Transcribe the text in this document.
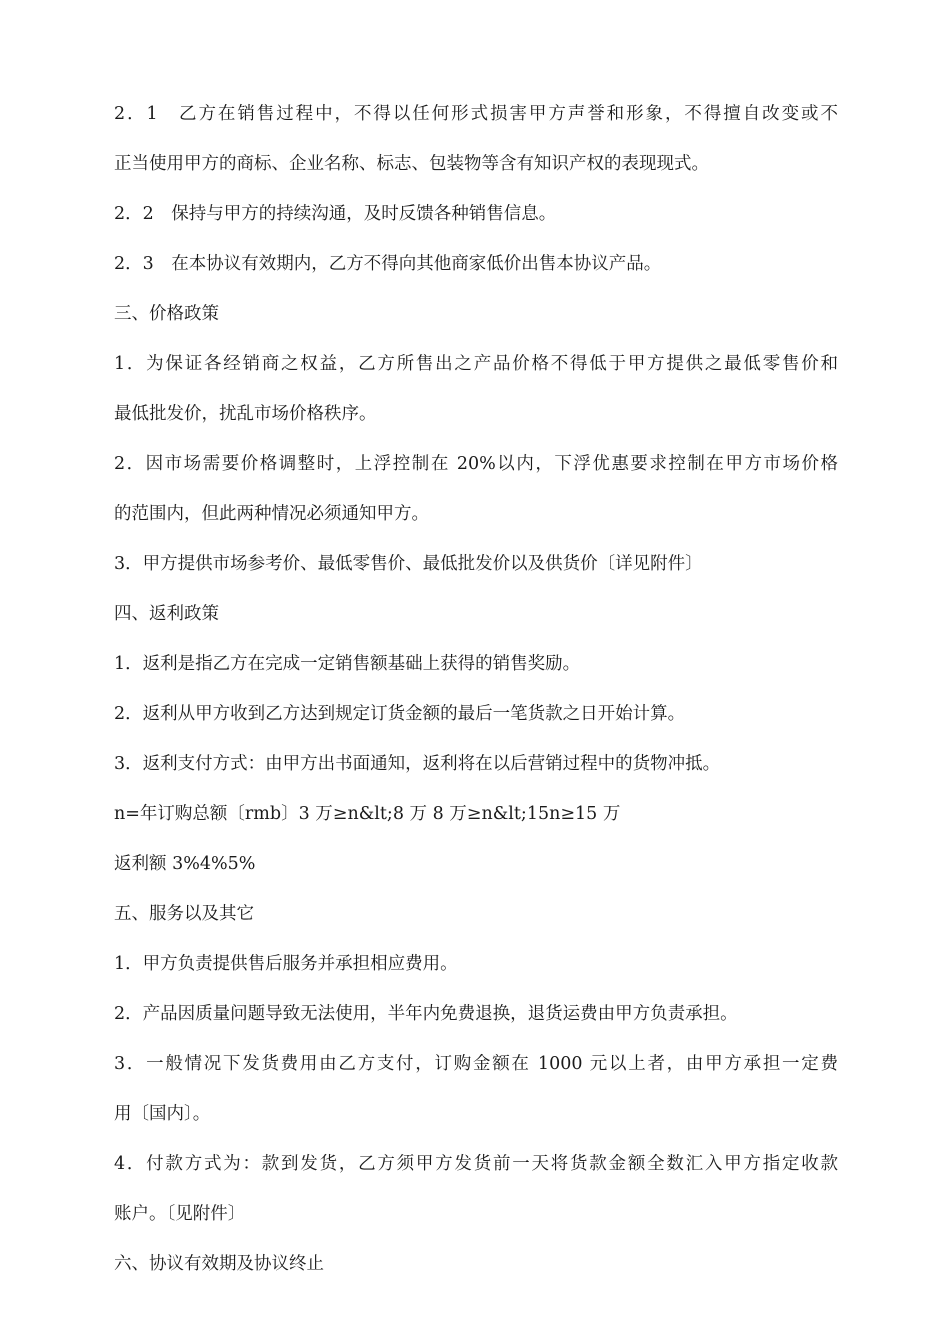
2．1　乙方在销售过程中，不得以任何形式损害甲方声誉和形象，不得擅自改变或不
正当使用甲方的商标、企业名称、标志、包装物等含有知识产权的表现现式。
2．2　保持与甲方的持续沟通，及时反馈各种销售信息。
2．3　在本协议有效期内，乙方不得向其他商家低价出售本协议产品。
三、价格政策
1．为保证各经销商之权益，乙方所售出之产品价格不得低于甲方提供之最低零售价和
最低批发价，扰乱市场价格秩序。
2．因市场需要价格调整时，上浮控制在 20%以内，下浮优惠要求控制在甲方市场价格
的范围内，但此两种情况必须通知甲方。
3．甲方提供市场参考价、最低零售价、最低批发价以及供货价〔详见附件〕
四、返利政策
1．返利是指乙方在完成一定销售额基础上获得的销售奖励。
2．返利从甲方收到乙方达到规定订货金额的最后一笔货款之日开始计算。
3．返利支付方式：由甲方出书面通知，返利将在以后营销过程中的货物冲抵。
n=年订购总额〔rmb〕3 万≥n&lt;8 万 8 万≥n&lt;15n≥15 万
返利额 3%4%5%
五、服务以及其它
1．甲方负责提供售后服务并承担相应费用。
2．产品因质量问题导致无法使用，半年内免费退换，退货运费由甲方负责承担。
3．一般情况下发货费用由乙方支付，订购金额在 1000 元以上者，由甲方承担一定费
用〔国内〕。
4．付款方式为：款到发货，乙方须甲方发货前一天将货款金额全数汇入甲方指定收款
账户。〔见附件〕
六、协议有效期及协议终止
